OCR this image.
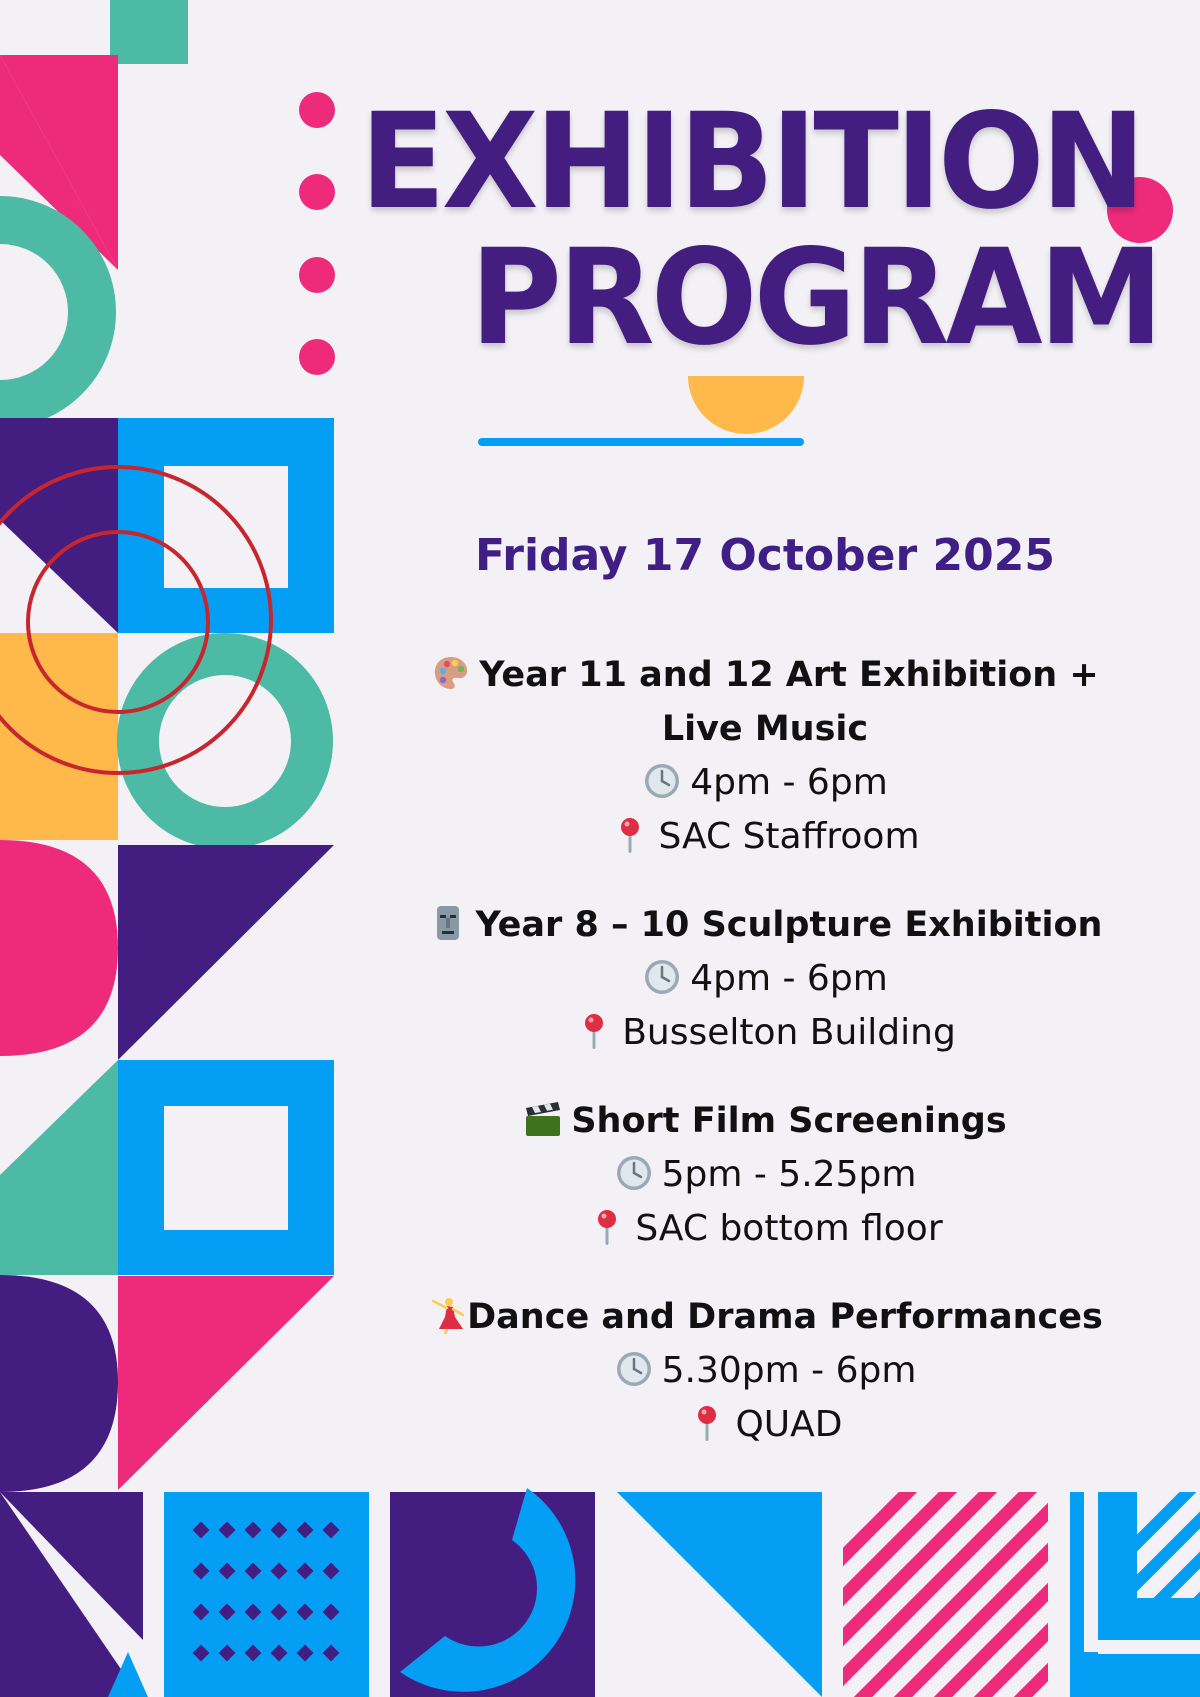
EXHIBITION
PROGRAM
Friday 17 October 2025
Year 11 and 12 Art Exhibition + Live Music
4pm - 6pm
SAC Staffroom
Year 8 – 10 Sculpture Exhibition
4pm - 6pm
Busselton Building
Short Film Screenings
5pm - 5.25pm
SAC bottom floor
Dance and Drama Performances
5.30pm - 6pm
QUAD
